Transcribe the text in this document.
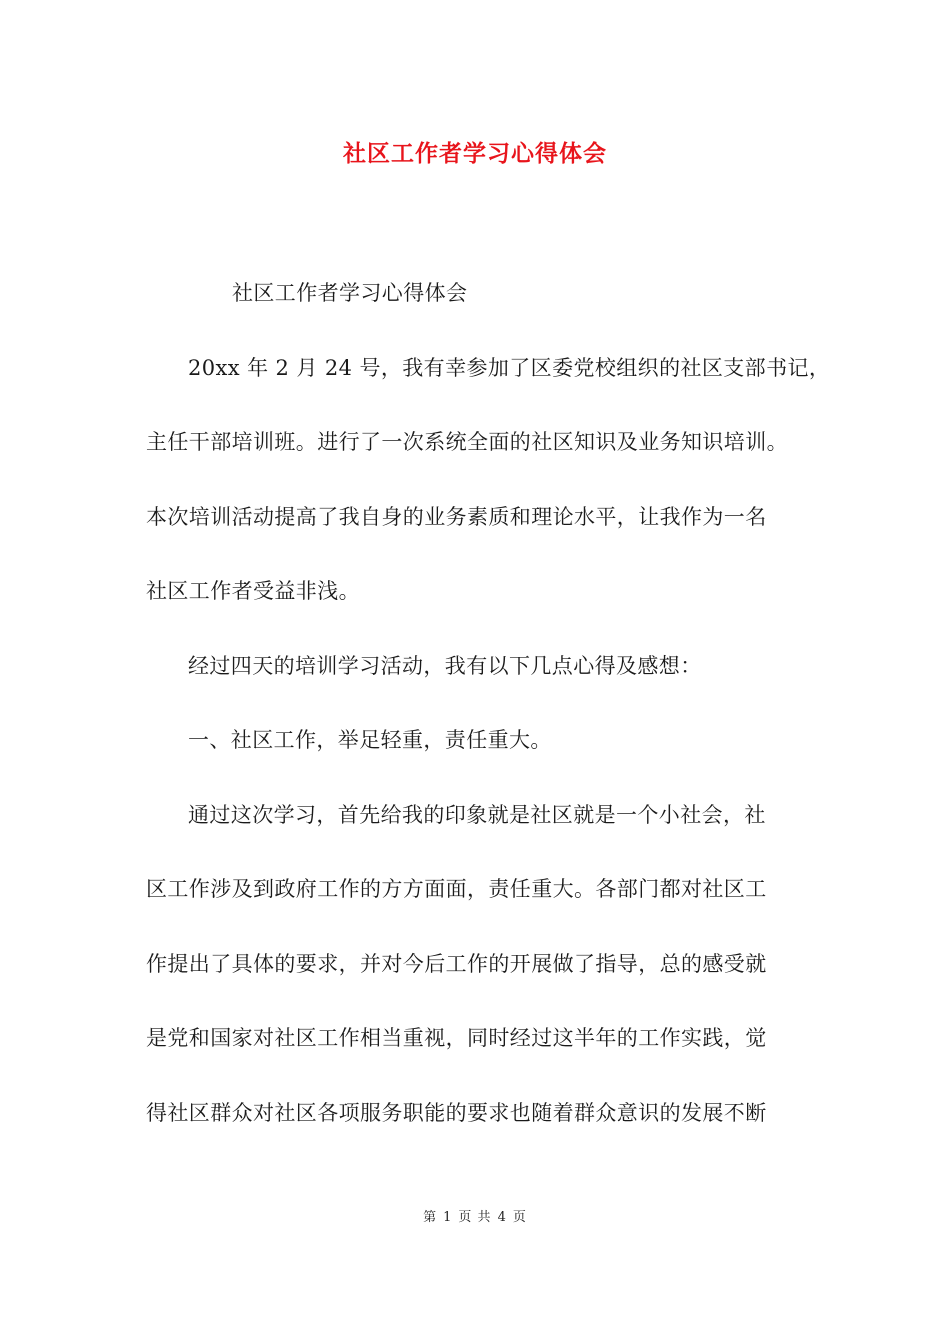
社区工作者学习心得体会
社区工作者学习心得体会
20xx 年 2 月 24 号，我有幸参加了区委党校组织的社区支部书记，
主任干部培训班。进行了一次系统全面的社区知识及业务知识培训。
本次培训活动提高了我自身的业务素质和理论水平，让我作为一名
社区工作者受益非浅。
经过四天的培训学习活动，我有以下几点心得及感想：
一、社区工作，举足轻重，责任重大。
通过这次学习，首先给我的印象就是社区就是一个小社会，社
区工作涉及到政府工作的方方面面，责任重大。各部门都对社区工
作提出了具体的要求，并对今后工作的开展做了指导，总的感受就
是党和国家对社区工作相当重视，同时经过这半年的工作实践，觉
得社区群众对社区各项服务职能的要求也随着群众意识的发展不断
第 1 页 共 4 页
